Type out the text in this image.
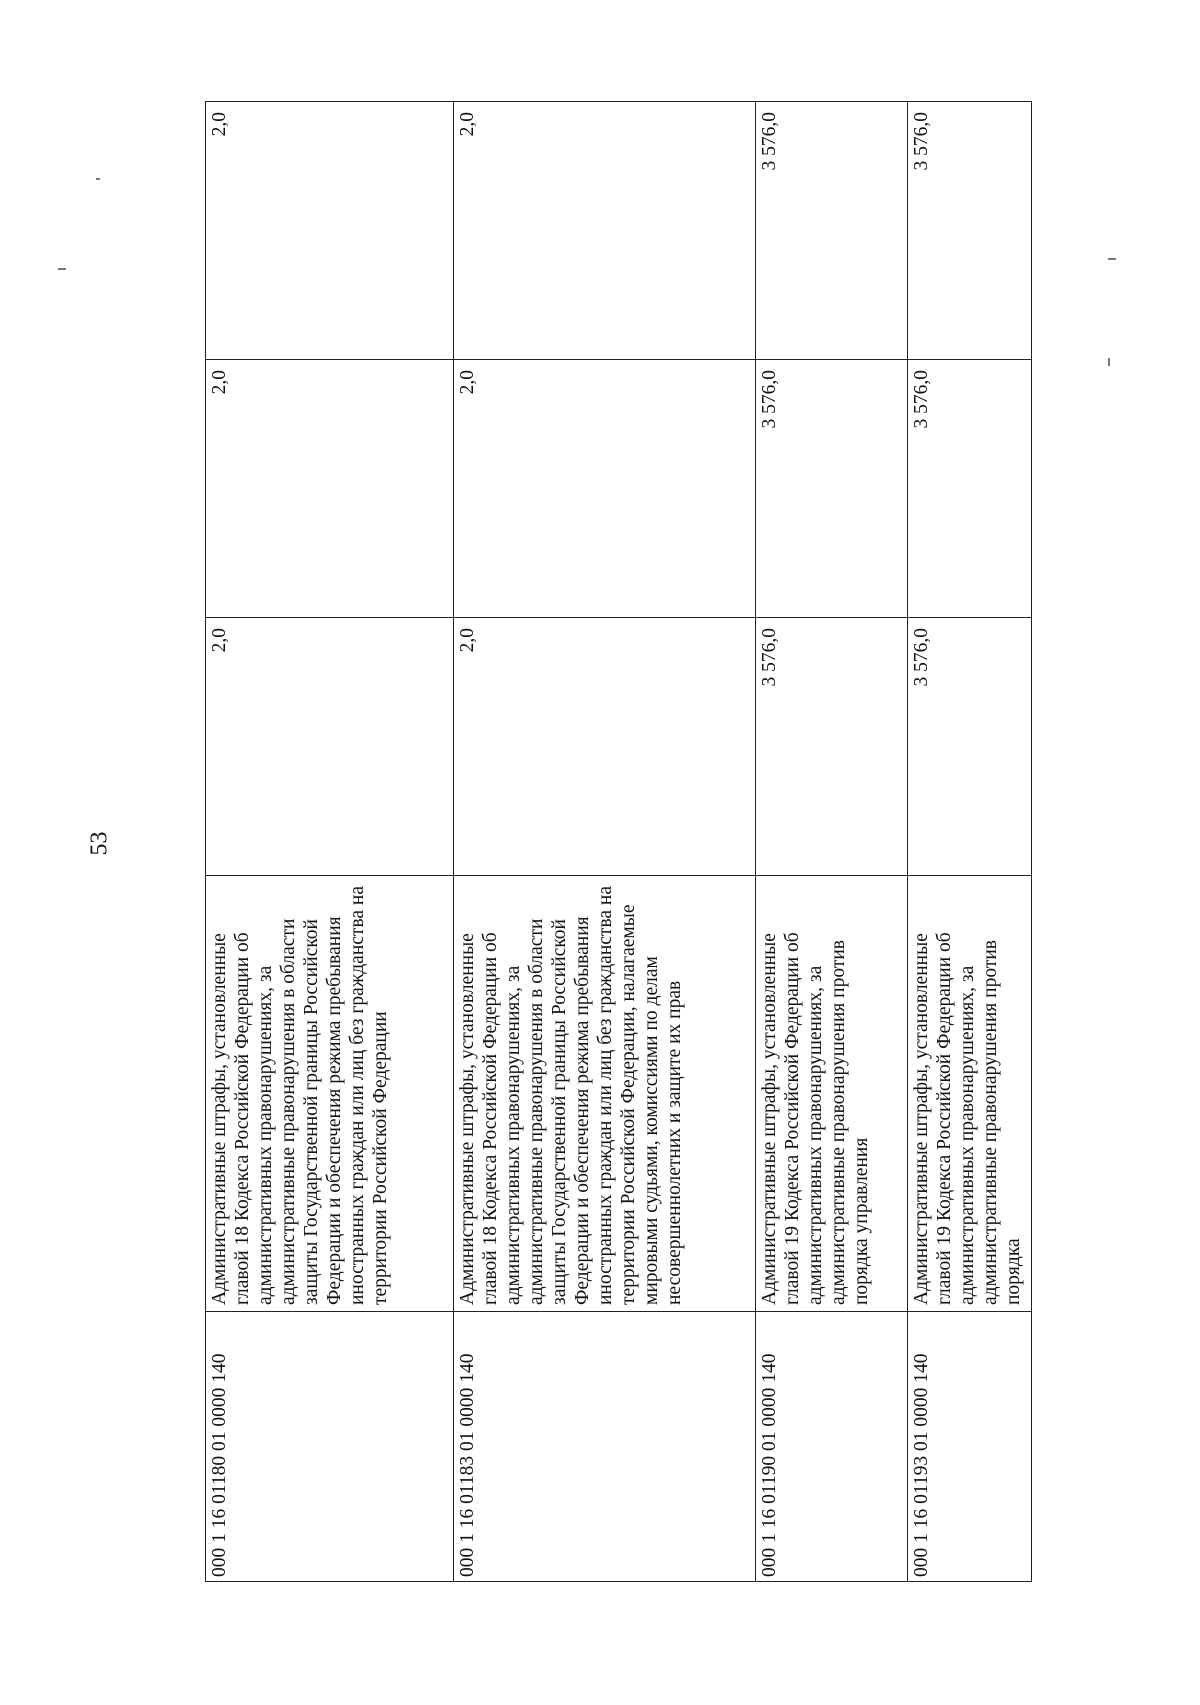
53
000 1 16 01180 01 0000 140	Административные штрафы, установленные главой 18 Кодекса Российской Федерации об административных правонарушениях, за административные правонарушения в области защиты Государственной границы Российской Федерации и обеспечения режима пребывания иностранных граждан или лиц без гражданства на территории Российской Федерации	2,0	2,0	2,0
000 1 16 01183 01 0000 140	Административные штрафы, установленные главой 18 Кодекса Российской Федерации об административных правонарушениях, за административные правонарушения в области защиты Государственной границы Российской Федерации и обеспечения режима пребывания иностранных граждан или лиц без гражданства на территории Российской Федерации, налагаемые мировыми судьями, комиссиями по делам несовершеннолетних и защите их прав	2,0	2,0	2,0
000 1 16 01190 01 0000 140	Административные штрафы, установленные главой 19 Кодекса Российской Федерации об административных правонарушениях, за административные правонарушения против порядка управления	3 576,0	3 576,0	3 576,0
000 1 16 01193 01 0000 140	Административные штрафы, установленные главой 19 Кодекса Российской Федерации об административных правонарушениях, за административные правонарушения против порядка	3 576,0	3 576,0	3 576,0
